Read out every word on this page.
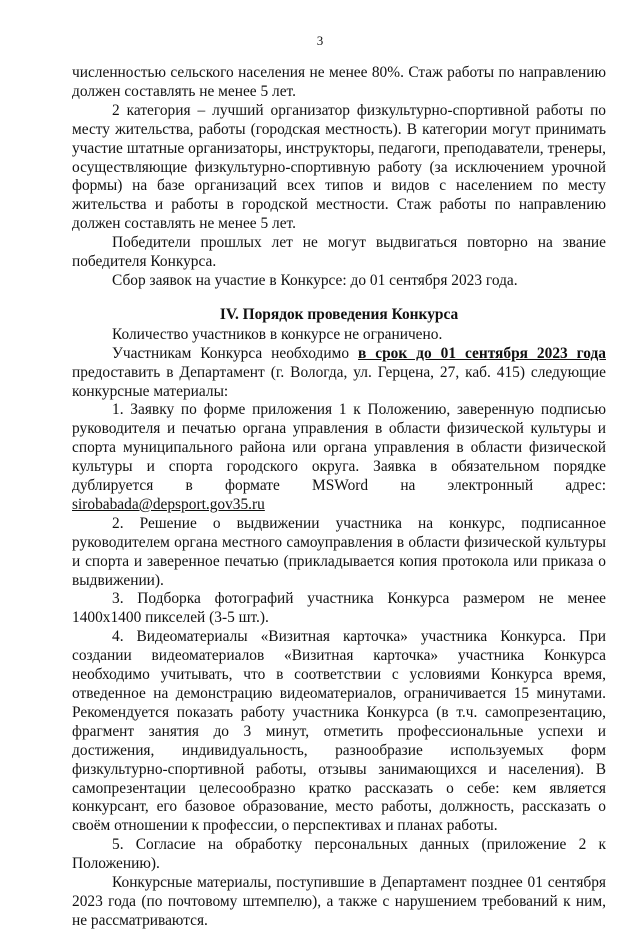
3

численностью сельского населения не менее 80%. Стаж работы по направлению должен составлять не менее 5 лет.

2 категория – лучший организатор физкультурно-спортивной работы по месту жительства, работы (городская местность). В категории могут принимать участие штатные организаторы, инструкторы, педагоги, преподаватели, тренеры, осуществляющие физкультурно-спортивную работу (за исключением урочной формы) на базе организаций всех типов и видов с населением по месту жительства и работы в городской местности. Стаж работы по направлению должен составлять не менее 5 лет.

Победители прошлых лет не могут выдвигаться повторно на звание победителя Конкурса.

Сбор заявок на участие в Конкурсе: до 01 сентября 2023 года.

IV. Порядок проведения Конкурса

Количество участников в конкурсе не ограничено.

Участникам Конкурса необходимо в срок до 01 сентября 2023 года предоставить в Департамент (г. Вологда, ул. Герцена, 27, каб. 415) следующие конкурсные материалы:

1. Заявку по форме приложения 1 к Положению, заверенную подписью руководителя и печатью органа управления в области физической культуры и спорта муниципального района или органа управления в области физической культуры и спорта городского округа. Заявка в обязательном порядке дублируется в формате MSWord на электронный адрес: sirobabada@depsport.gov35.ru

2. Решение о выдвижении участника на конкурс, подписанное руководителем органа местного самоуправления в области физической культуры и спорта и заверенное печатью (прикладывается копия протокола или приказа о выдвижении).

3. Подборка фотографий участника Конкурса размером не менее 1400х1400 пикселей (3-5 шт.).

4. Видеоматериалы «Визитная карточка» участника Конкурса. При создании видеоматериалов «Визитная карточка» участника Конкурса необходимо учитывать, что в соответствии с условиями Конкурса время, отведенное на демонстрацию видеоматериалов, ограничивается 15 минутами. Рекомендуется показать работу участника Конкурса (в т.ч. самопрезентацию, фрагмент занятия до 3 минут, отметить профессиональные успехи и достижения, индивидуальность, разнообразие используемых форм физкультурно-спортивной работы, отзывы занимающихся и населения). В самопрезентации целесообразно кратко рассказать о себе: кем является конкурсант, его базовое образование, место работы, должность, рассказать о своём отношении к профессии, о перспективах и планах работы.

5. Согласие на обработку персональных данных (приложение 2 к Положению).

Конкурсные материалы, поступившие в Департамент позднее 01 сентября 2023 года (по почтовому штемпелю), а также с нарушением требований к ним, не рассматриваются.
